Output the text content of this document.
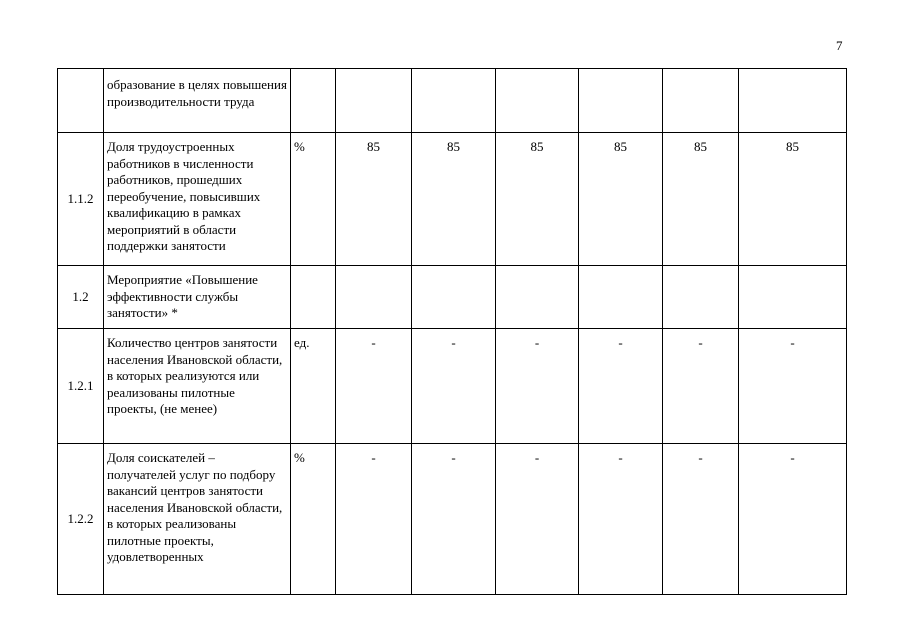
7
	образование в целях повышения производительности труда							
1.1.2	Доля трудоустроенных работников в численности работников, прошедших переобучение, повысивших квалификацию в рамках мероприятий в области поддержки занятости	%	85	85	85	85	85	85
1.2	Мероприятие «Повышение эффективности службы занятости» *							
1.2.1	Количество центров занятости населения Ивановской области, в которых реализуются или реализованы пилотные проекты, (не менее)	ед.	-	-	-	-	-	-
1.2.2	Доля соискателей – получателей услуг по подбору вакансий центров занятости населения Ивановской области, в которых реализованы пилотные проекты, удовлетворенных	%	-	-	-	-	-	-
